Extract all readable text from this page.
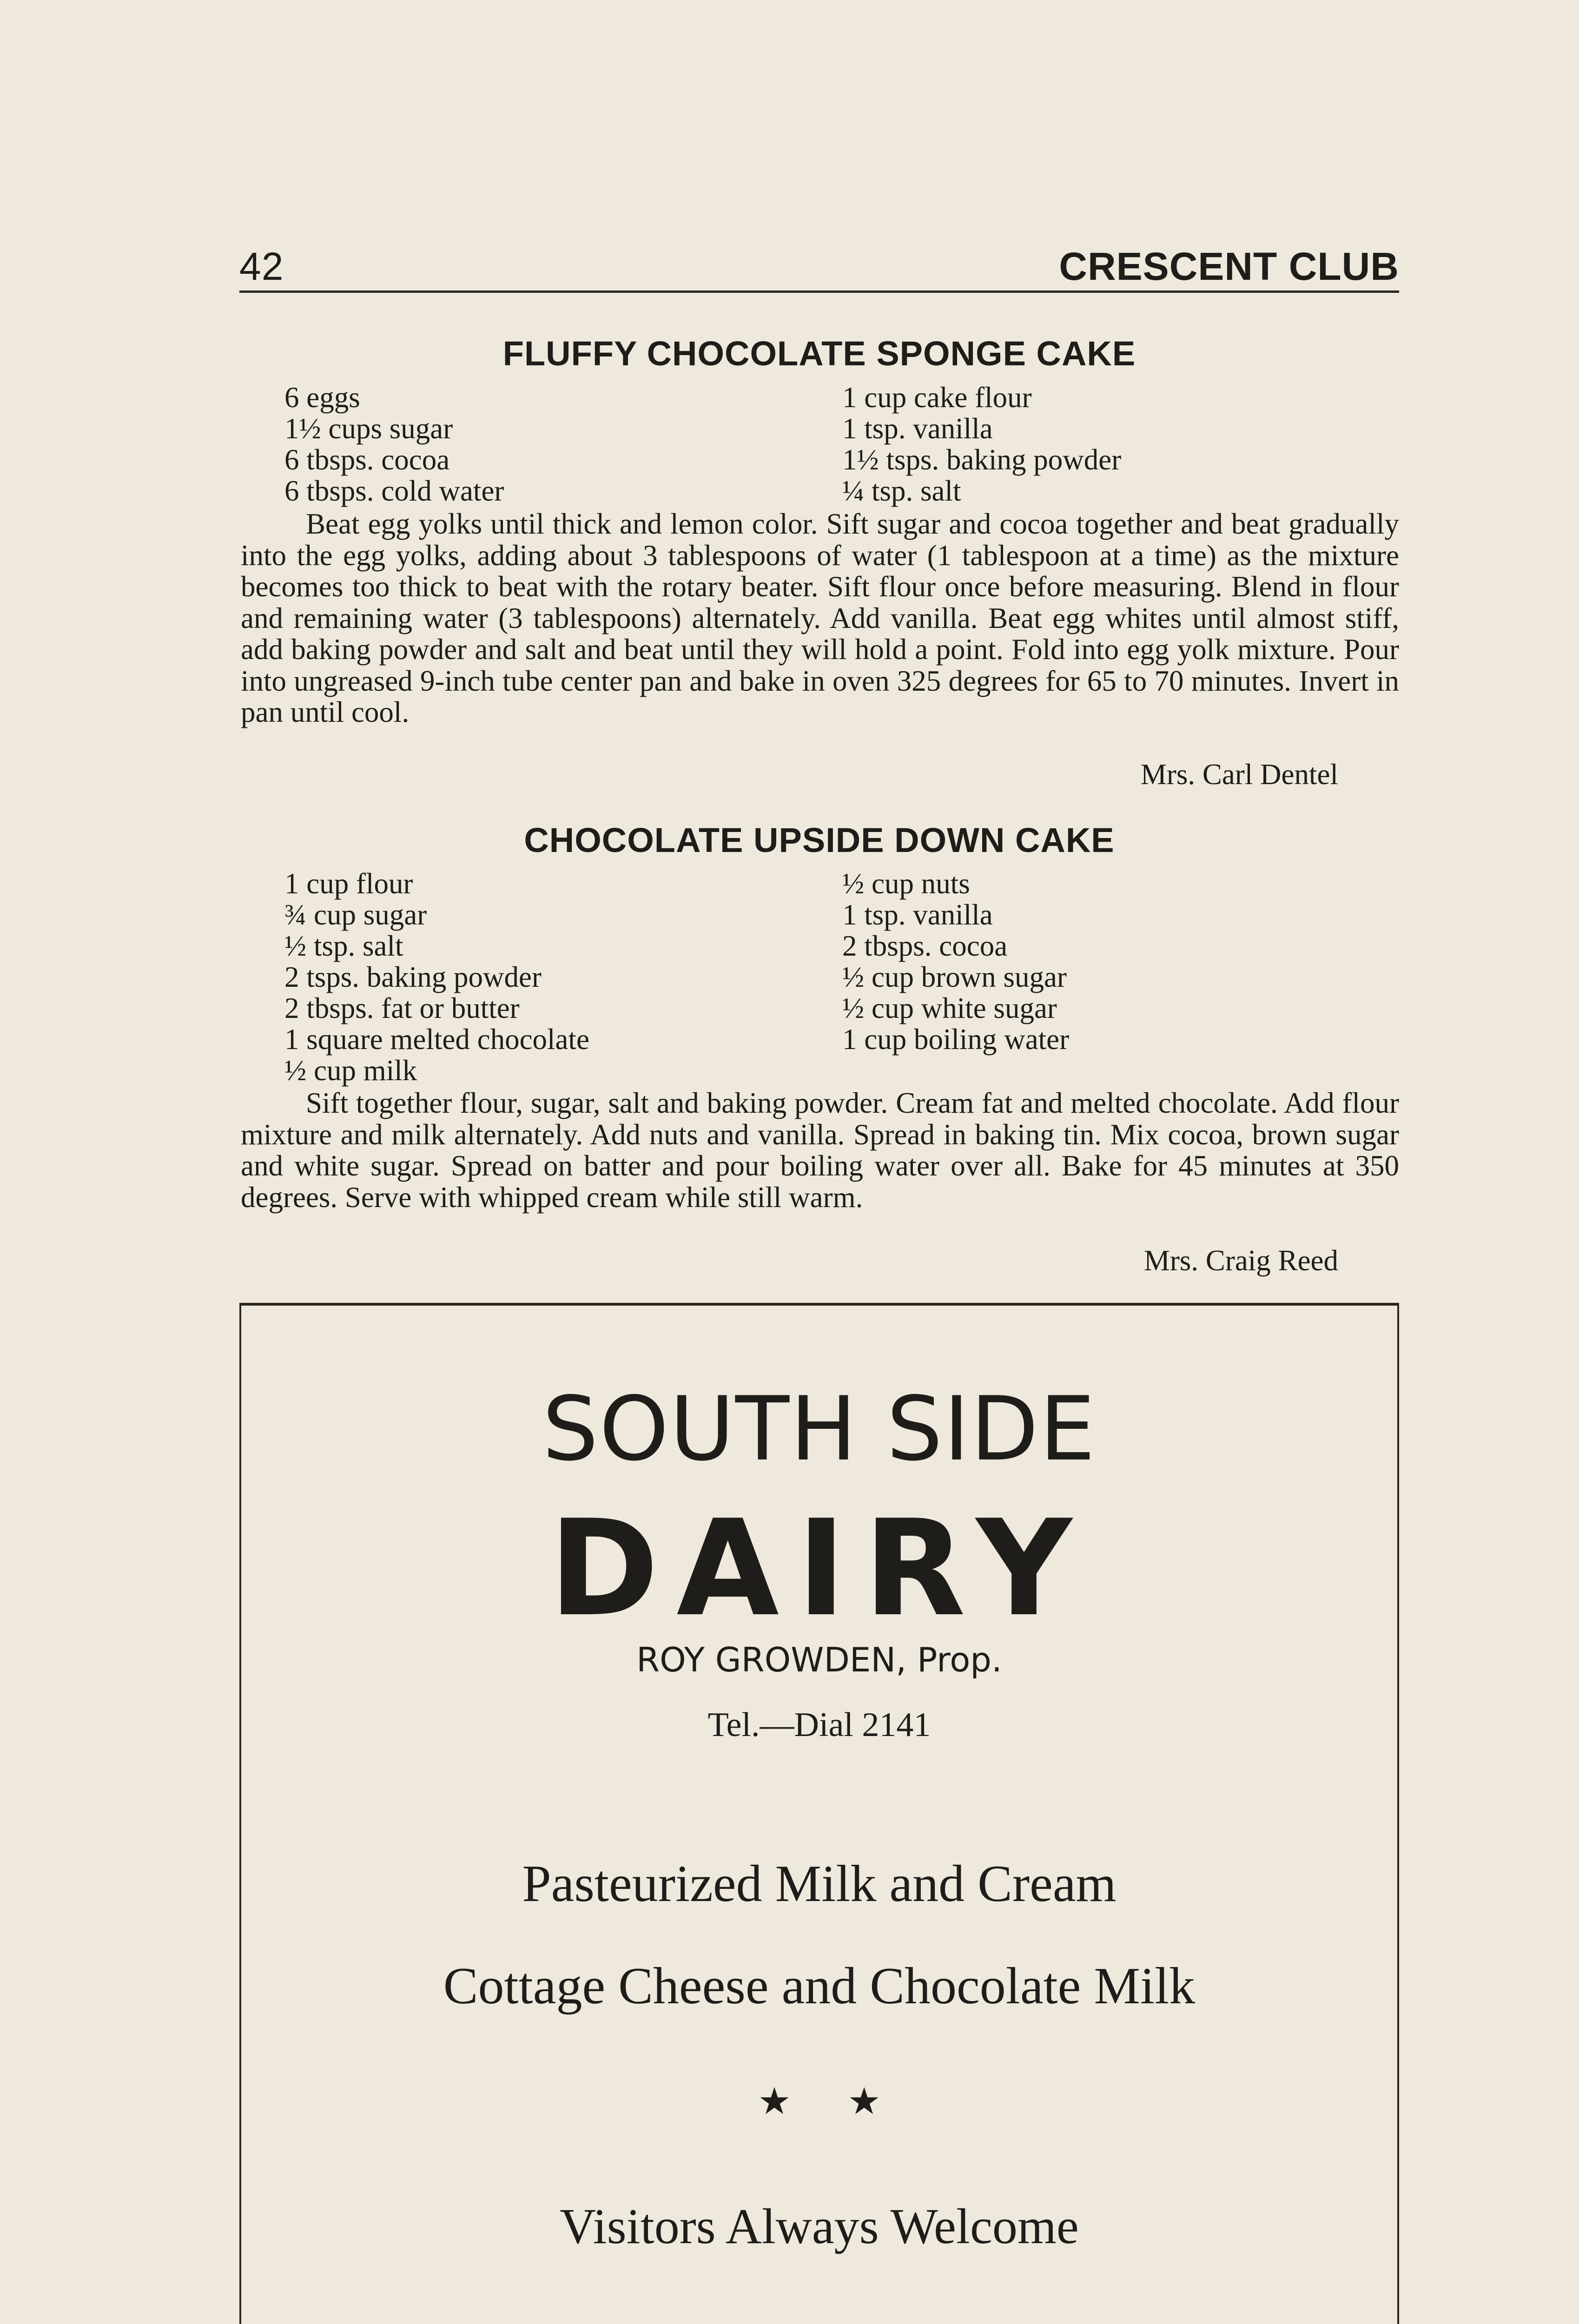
42	CRESCENT CLUB
FLUFFY CHOCOLATE SPONGE CAKE
6 eggs
1½ cups sugar
6 tbsps. cocoa
6 tbsps. cold water
1 cup cake flour
1 tsp. vanilla
1½ tsps. baking powder
¼ tsp. salt
Beat egg yolks until thick and lemon color. Sift sugar and cocoa together and beat gradually into the egg yolks, adding about 3 tablespoons of water (1 tablespoon at a time) as the mixture becomes too thick to beat with the rotary beater. Sift flour once before measuring. Blend in flour and remaining water (3 tablespoons) alternately. Add vanilla. Beat egg whites until almost stiff, add baking powder and salt and beat until they will hold a point. Fold into egg yolk mixture. Pour into ungreased 9-inch tube center pan and bake in oven 325 degrees for 65 to 70 minutes. Invert in pan until cool.
Mrs. Carl Dentel
CHOCOLATE UPSIDE DOWN CAKE
1 cup flour
¾ cup sugar
½ tsp. salt
2 tsps. baking powder
2 tbsps. fat or butter
1 square melted chocolate
½ cup milk
½ cup nuts
1 tsp. vanilla
2 tbsps. cocoa
½ cup brown sugar
½ cup white sugar
1 cup boiling water
Sift together flour, sugar, salt and baking powder. Cream fat and melted chocolate. Add flour mixture and milk alternately. Add nuts and vanilla. Spread in baking tin. Mix cocoa, brown sugar and white sugar. Spread on batter and pour boiling water over all. Bake for 45 minutes at 350 degrees. Serve with whipped cream while still warm.
Mrs. Craig Reed
SOUTH SIDE
DAIRY
ROY GROWDEN, Prop.
Tel.—Dial 2141
Pasteurized Milk and Cream
Cottage Cheese and Chocolate Milk
★ ★
Visitors Always Welcome
